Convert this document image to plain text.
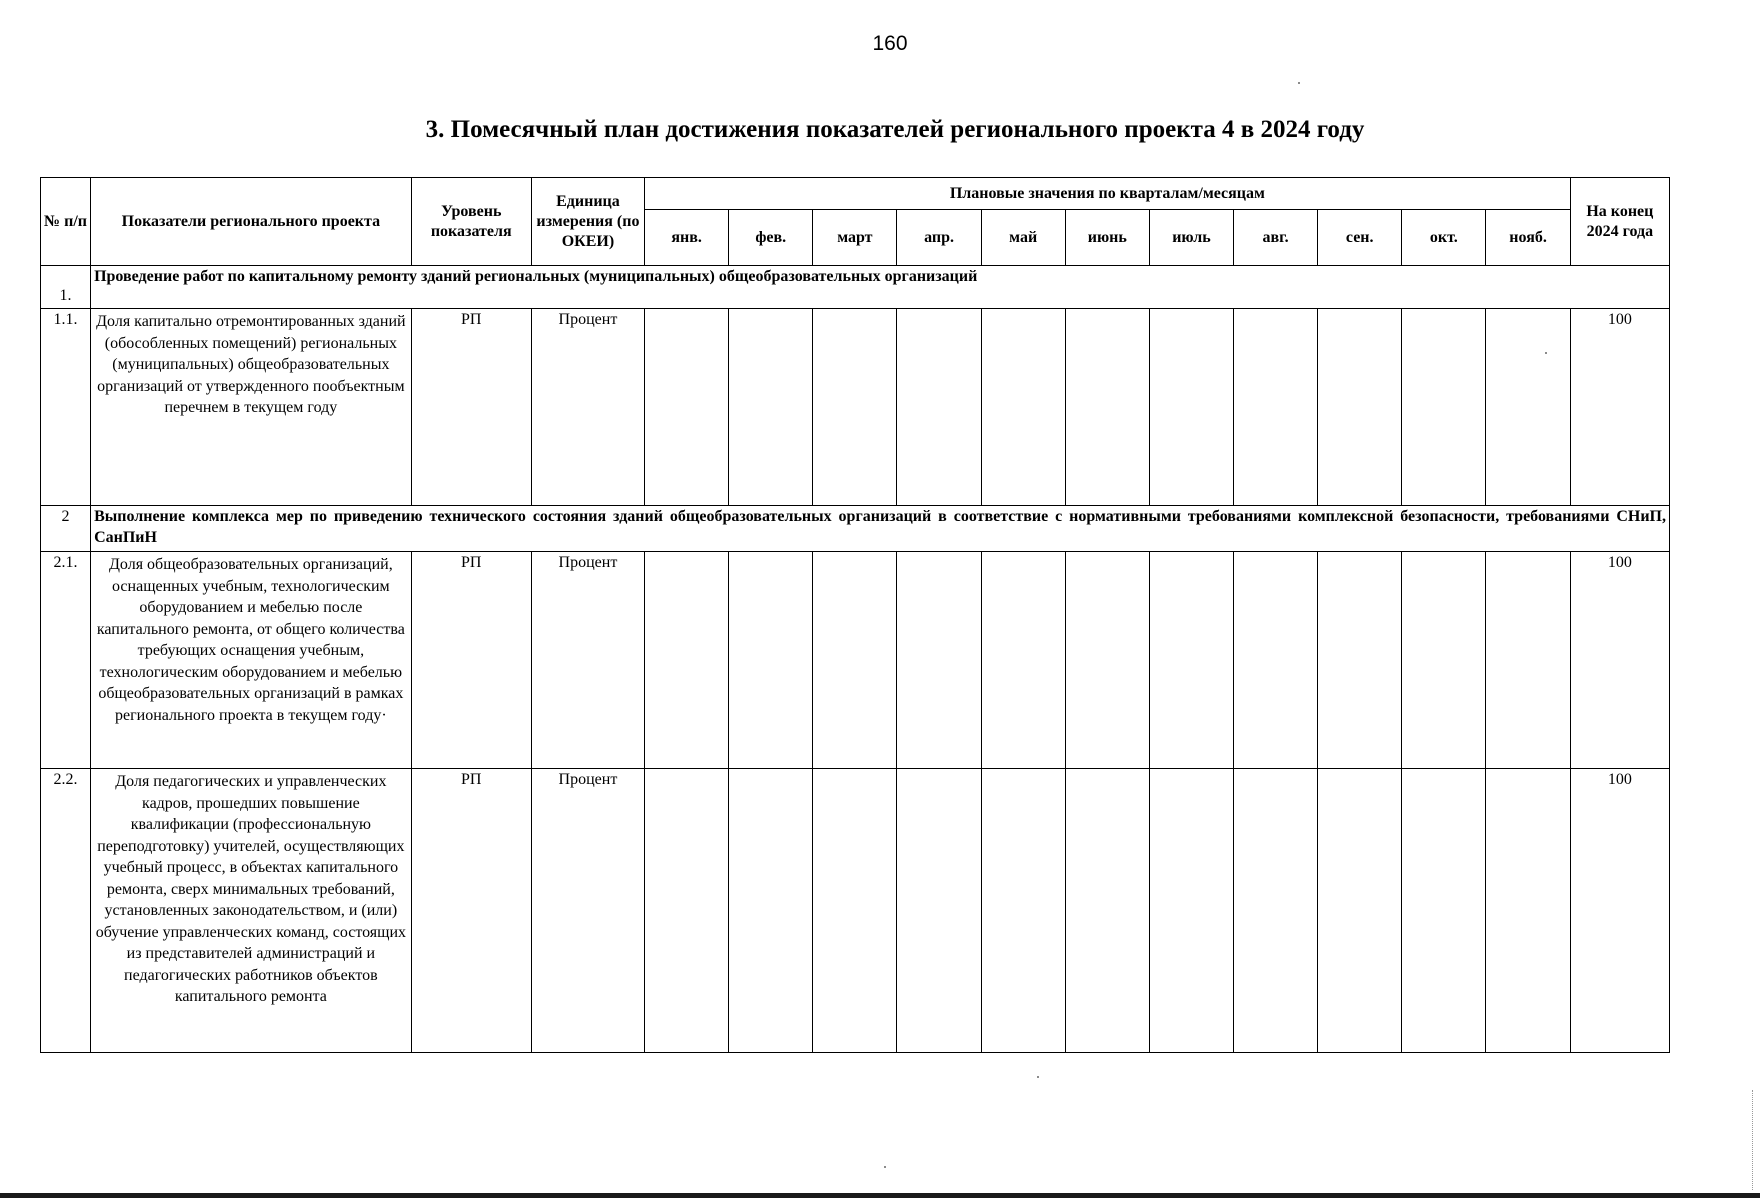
160
3. Помесячный план достижения показателей регионального проекта 4 в 2024 году
№ п/п	Показатели регионального проекта	Уровень показателя	Единица измерения (по ОКЕИ)	Плановые значения по кварталам/месяцам											На конец 2024 года
				янв.	фев.	март	апр.	май	июнь	июль	авг.	сен.	окт.	нояб.	
1.	Проведение работ по капитальному ремонту зданий региональных (муниципальных) общеобразовательных организаций														
1.1.	Доля капитально отремонтированных зданий (обособленных помещений) региональных (муниципальных) общеобразовательных организаций от утвержденного пообъектным перечнем в текущем году	РП	Процент												100
2	Выполнение комплекса мер по приведению технического состояния зданий общеобразовательных организаций в соответствие с нормативными требованиями комплексной безопасности, требованиями СНиП, СанПиН														
2.1.	Доля общеобразовательных организаций, оснащенных учебным, технологическим оборудованием и мебелью после капитального ремонта, от общего количества требующих оснащения учебным, технологическим оборудованием и мебелью общеобразовательных организаций в рамках регионального проекта в текущем году·	РП	Процент												100
2.2.	Доля педагогических и управленческих кадров, прошедших повышение квалификации (профессиональную переподготовку) учителей, осуществляющих учебный процесс, в объектах капитального ремонта, сверх минимальных требований, установленных законодательством, и (или) обучение управленческих команд, состоящих из представителей администраций и педагогических работников объектов капитального ремонта	РП	Процент												100
